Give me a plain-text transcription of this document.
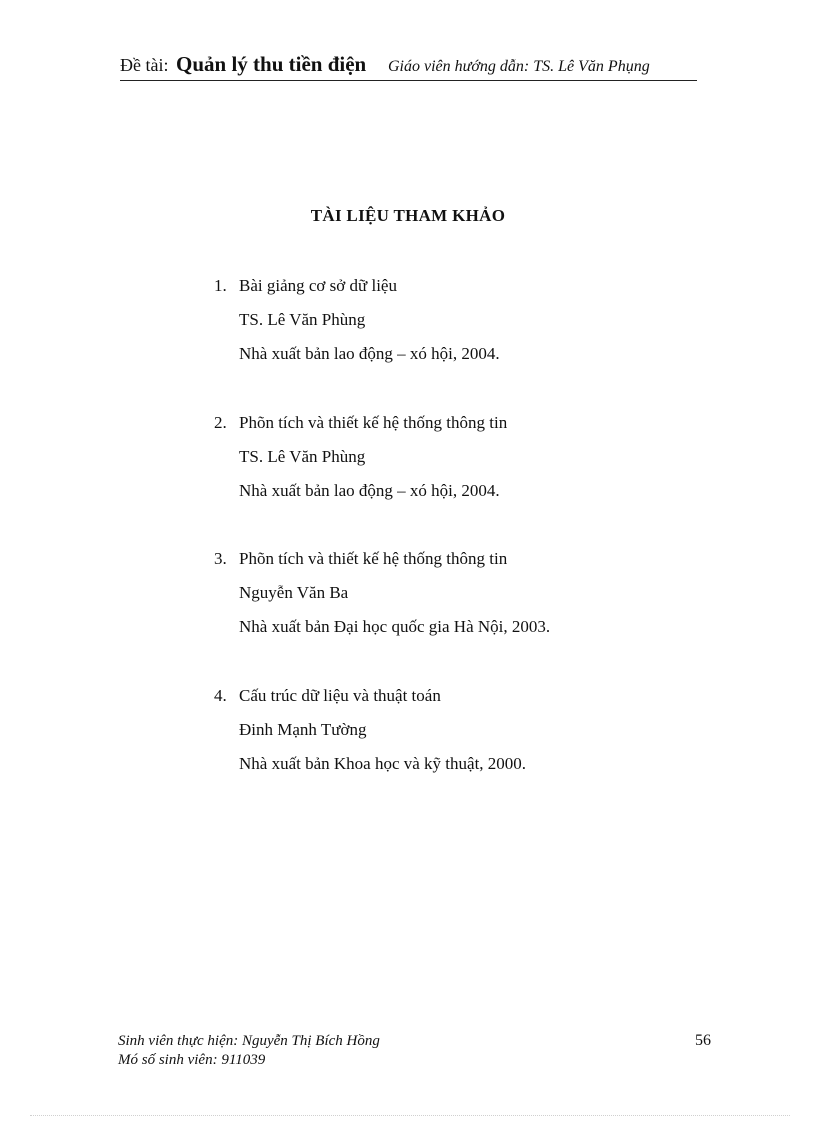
Đề tài: Quản lý thu tiền điện Giáo viên hướng dẫn: TS. Lê Văn Phụng
TÀI LIỆU THAM KHẢO
1. Bài giảng cơ sở dữ liệu
TS. Lê Văn Phùng
Nhà xuất bản lao động – xó hội, 2004.
2. Phõn tích và thiết kế hệ thống thông tin
TS. Lê Văn Phùng
Nhà xuất bản lao động – xó hội, 2004.
3. Phõn tích và thiết kế hệ thống thông tin
Nguyễn Văn Ba
Nhà xuất bản Đại học quốc gia Hà Nội, 2003.
4. Cấu trúc dữ liệu và thuật toán
Đinh Mạnh Tường
Nhà xuất bản Khoa học và kỹ thuật, 2000.
Sinh viên thực hiện: Nguyễn Thị Bích Hồng
Mó số sinh viên: 911039
56
